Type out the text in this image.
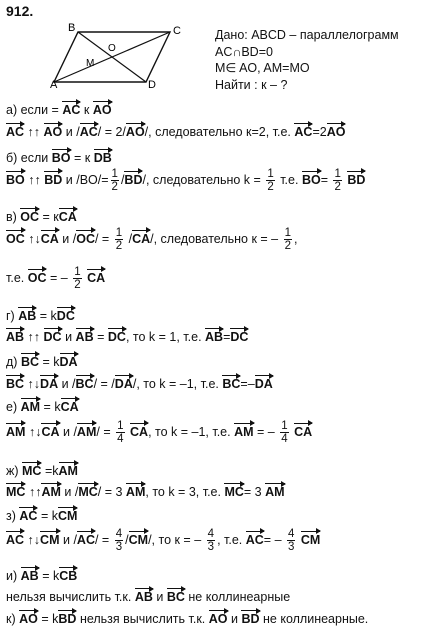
912.
B	C
O
M
A	D
Дано: ABCD – параллелограмм
AC∩BD=0
M∈ AO, AM=MO
Найти : к – ?
а) если = AC к AO
AC ↑↑ AO и /AC/ = 2/AO/, следовательно к=2, т.е. AC=2AO
б) если BO = к DB
BO ↑↑ BD и $/BO/= \frac{1}{2} /BD/$, следовательно $k = \frac{1}{2} т.е$. $BO= \frac{1}{2}$ BD
в) OC = кCA
OC ↑↓CA и $/OC/ = \frac{1}{2} /CA/$, следовательно к = – $\frac{1}{2}$ ,
т.е. OC = – $\frac{1}{2}$ CA
г) AB = kDC
AB ↑↑ DC и AB = DC, то k = 1, т.е. AB=DC
д) BC = kDA
BC ↑↓DA и /BC/ = /DA/, то k = –1, т.е. BC=–DA
е) AM = kCA
AM ↑↓CA и $/AM/ = \frac{1}{4}$ CA, то k = –1, т.е. AM = – $\frac{1}{4}$ CA
ж) MC =kAM
MC ↑↑AM и /MC/ = 3 AM, то k = 3, т.е. MC= 3 AM
з) AC = kCM
AC ↑↓CM и $/AC/ = \frac{4}{3} /CM/$, то к = – $\frac{4}{3}$ , т.е. $AC= - \frac{4}{3}$ CM
и) AB = kCB
нельзя вычислить т.к. AB и BC не коллинеарные
к) AO = kBD нельзя вычислить т.к. AO и BD не коллинеарные.
